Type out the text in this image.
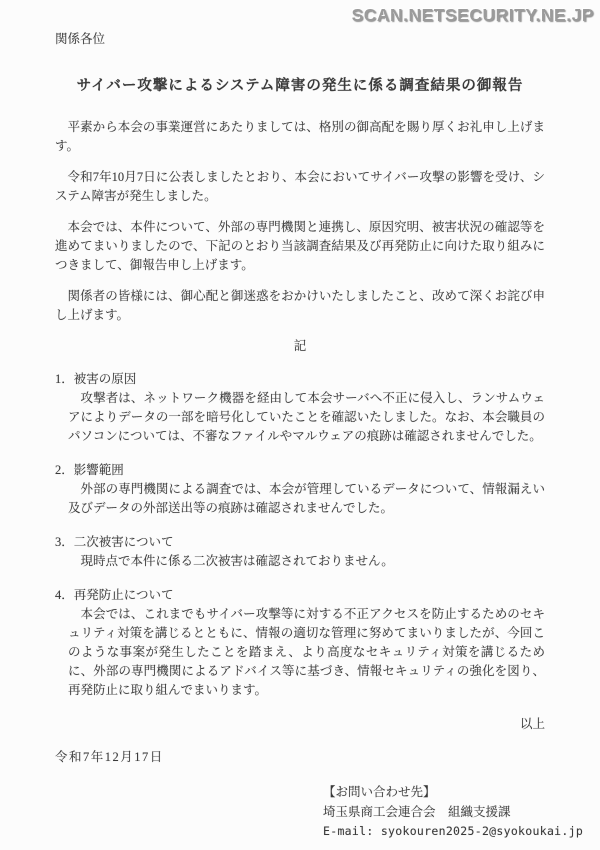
SCAN.NETSECURITY.NE.JP
関係各位
サイバー攻撃によるシステム障害の発生に係る調査結果の御報告

平素から本会の事業運営にあたりましては、格別の御高配を賜り厚くお礼申し上げます。

令和7年10月7日に公表しましたとおり、本会においてサイバー攻撃の影響を受け、システム障害が発生しました。

本会では、本件について、外部の専門機関と連携し、原因究明、被害状況の確認等を進めてまいりましたので、下記のとおり当該調査結果及び再発防止に向けた取り組みにつきまして、御報告申し上げます。

関係者の皆様には、御心配と御迷惑をおかけいたしましたこと、改めて深くお詫び申し上げます。

記
1．被害の原因

攻撃者は、ネットワーク機器を経由して本会サーバへ不正に侵入し、ランサムウェアによりデータの一部を暗号化していたことを確認いたしました。なお、本会職員のパソコンについては、不審なファイルやマルウェアの痕跡は確認されませんでした。

2．影響範囲

外部の専門機関による調査では、本会が管理しているデータについて、情報漏えい及びデータの外部送出等の痕跡は確認されませんでした。

3．二次被害について

現時点で本件に係る二次被害は確認されておりません。

4．再発防止について

本会では、これまでもサイバー攻撃等に対する不正アクセスを防止するためのセキュリティ対策を講じるとともに、情報の適切な管理に努めてまいりましたが、今回このような事案が発生したことを踏まえ、より高度なセキュリティ対策を講じるために、外部の専門機関によるアドバイス等に基づき、情報セキュリティの強化を図り、再発防止に取り組んでまいります。

以上
令和7年12月17日
【お問い合わせ先】
埼玉県商工会連合会　組織支援課
E-mail: syokouren2025-2@syokoukai.jp
